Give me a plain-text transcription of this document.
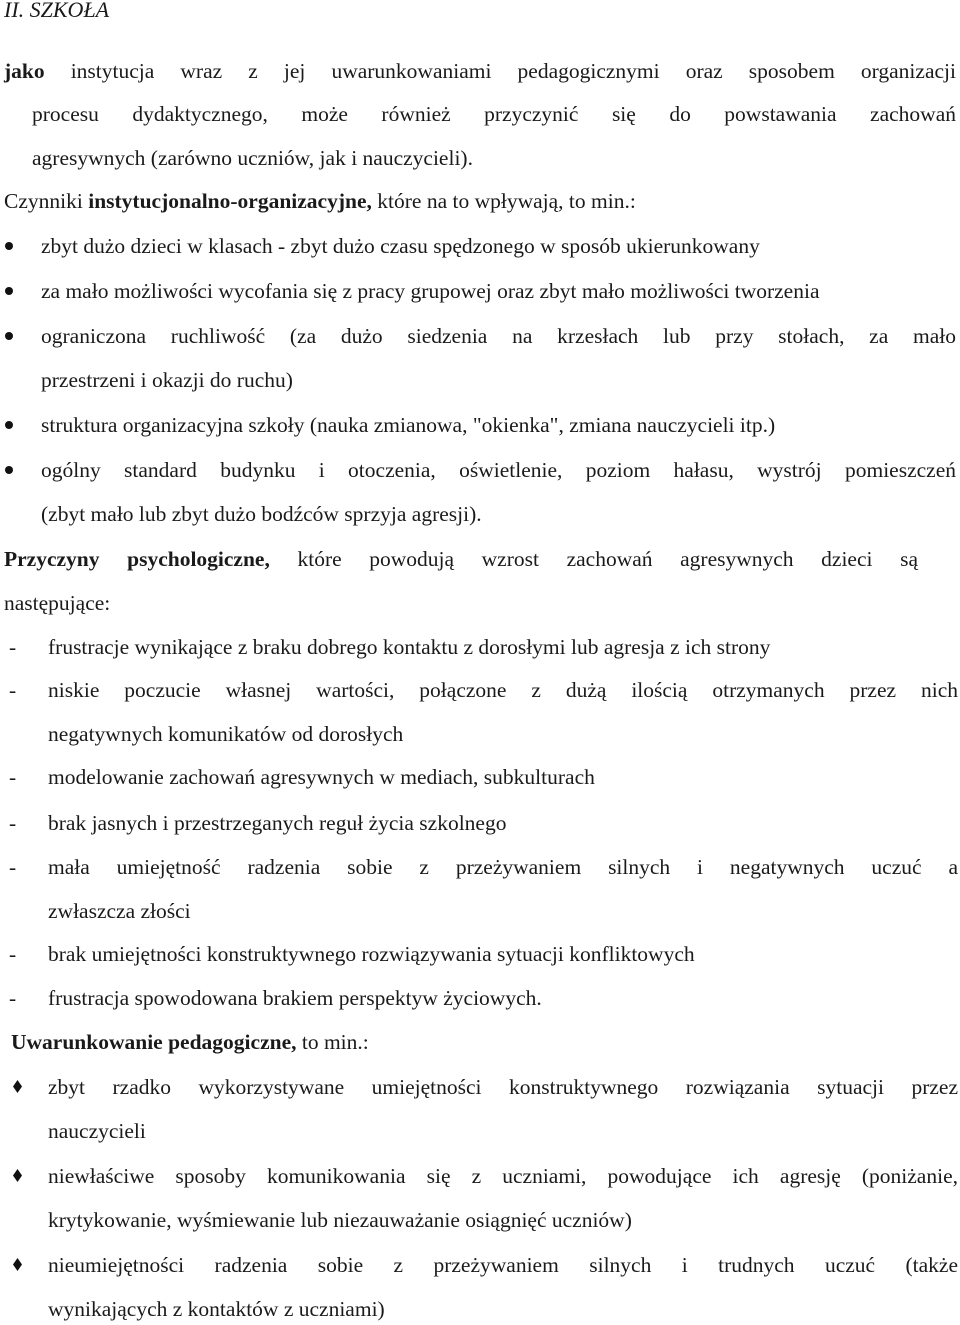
II. SZKOŁA
jako instytucja wraz z jej uwarunkowaniami pedagogicznymi oraz sposobem organizacji
procesu dydaktycznego, może również przyczynić się do powstawania zachowań
agresywnych (zarówno uczniów, jak i nauczycieli).
Czynniki instytucjonalno-organizacyjne, które na to wpływają, to min.:
zbyt dużo dzieci w klasach - zbyt dużo czasu spędzonego w sposób ukierunkowany
za mało możliwości wycofania się z pracy grupowej oraz zbyt mało możliwości tworzenia
ograniczona ruchliwość (za dużo siedzenia na krzesłach lub przy stołach, za mało
przestrzeni i okazji do ruchu)
struktura organizacyjna szkoły (nauka zmianowa, "okienka", zmiana nauczycieli itp.)
ogólny standard budynku i otoczenia, oświetlenie, poziom hałasu, wystrój pomieszczeń
(zbyt mało lub zbyt dużo bodźców sprzyja agresji).
Przyczyny psychologiczne, które powodują wzrost zachowań agresywnych dzieci są
następujące:
- frustracje wynikające z braku dobrego kontaktu z dorosłymi lub agresja z ich strony
- niskie poczucie własnej wartości, połączone z dużą ilością otrzymanych przez nich
negatywnych komunikatów od dorosłych
- modelowanie zachowań agresywnych w mediach, subkulturach
- brak jasnych i przestrzeganych reguł życia szkolnego
- mała umiejętność radzenia sobie z przeżywaniem silnych i negatywnych uczuć a
zwłaszcza złości
- brak umiejętności konstruktywnego rozwiązywania sytuacji konfliktowych
- frustracja spowodowana brakiem perspektyw życiowych.
Uwarunkowanie pedagogiczne, to min.:
zbyt rzadko wykorzystywane umiejętności konstruktywnego rozwiązania sytuacji przez
nauczycieli
niewłaściwe sposoby komunikowania się z uczniami, powodujące ich agresję (poniżanie,
krytykowanie, wyśmiewanie lub niezauważanie osiągnięć uczniów)
nieumiejętności radzenia sobie z przeżywaniem silnych i trudnych uczuć (także
wynikających z kontaktów z uczniami)
